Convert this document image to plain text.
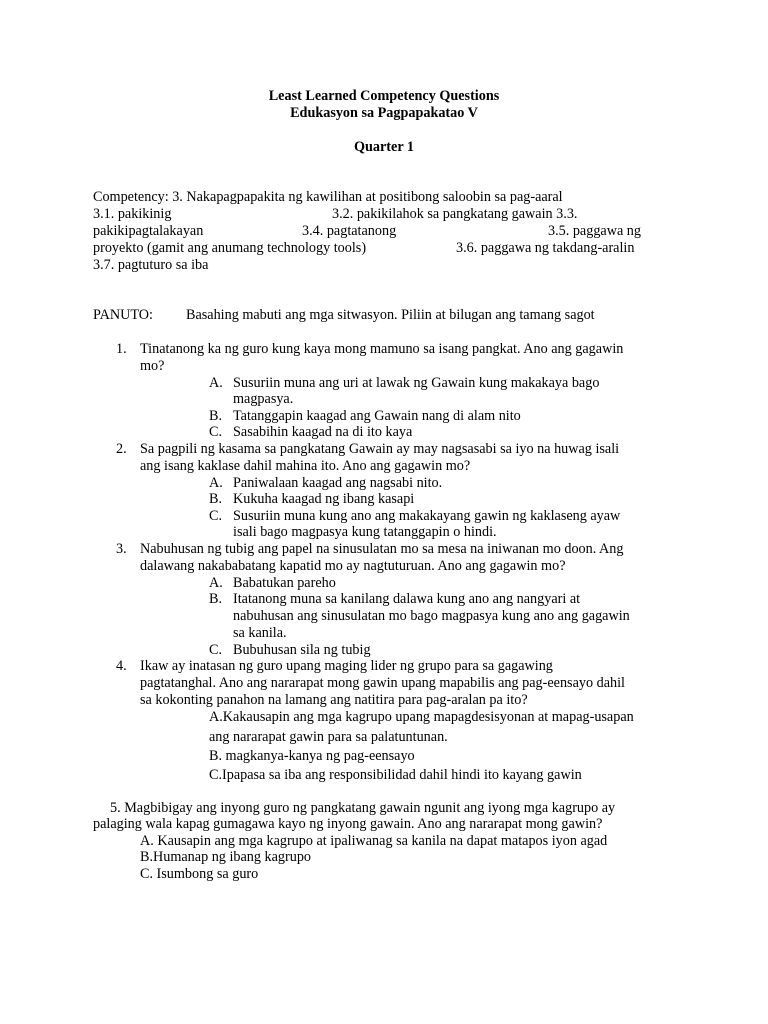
Least Learned Competency Questions
Edukasyon sa Pagpapakatao V
Quarter 1
Competency: 3. Nakapagpapakita ng kawilihan at positibong saloobin sa pag-aaral
3.1. pakikinig	3.2. pakikilahok sa pangkatang gawain 3.3.
pakikipagtalakayan	3.4. pagtatanong	3.5. paggawa ng
proyekto (gamit ang anumang technology tools)	3.6. paggawa ng takdang-aralin
3.7. pagtuturo sa iba
PANUTO: Basahing mabuti ang mga sitwasyon. Piliin at bilugan ang tamang sagot
1. Tinatanong ka ng guro kung kaya mong mamuno sa isang pangkat. Ano ang gagawin
mo?
A. Susuriin muna ang uri at lawak ng Gawain kung makakaya bago
magpasya.
B. Tatanggapin kaagad ang Gawain nang di alam nito
C. Sasabihin kaagad na di ito kaya
2. Sa pagpili ng kasama sa pangkatang Gawain ay may nagsasabi sa iyo na huwag isali
ang isang kaklase dahil mahina ito. Ano ang gagawin mo?
A. Paniwalaan kaagad ang nagsabi nito.
B. Kukuha kaagad ng ibang kasapi
C. Susuriin muna kung ano ang makakayang gawin ng kaklaseng ayaw
isali bago magpasya kung tatanggapin o hindi.
3. Nabuhusan ng tubig ang papel na sinusulatan mo sa mesa na iniwanan mo doon. Ang
dalawang nakababatang kapatid mo ay nagtuturuan. Ano ang gagawin mo?
A. Babatukan pareho
B. Itatanong muna sa kanilang dalawa kung ano ang nangyari at
nabuhusan ang sinusulatan mo bago magpasya kung ano ang gagawin
sa kanila.
C. Bubuhusan sila ng tubig
4. Ikaw ay inatasan ng guro upang maging lider ng grupo para sa gagawing
pagtatanghal. Ano ang nararapat mong gawin upang mapabilis ang pag-eensayo dahil
sa kokonting panahon na lamang ang natitira para pag-aralan pa ito?
A.Kakausapin ang mga kagrupo upang mapagdesisyonan at mapag-usapan
ang nararapat gawin para sa palatuntunan.
B. magkanya-kanya ng pag-eensayo
C.Ipapasa sa iba ang responsibilidad dahil hindi ito kayang gawin
5. Magbibigay ang inyong guro ng pangkatang gawain ngunit ang iyong mga kagrupo ay
palaging wala kapag gumagawa kayo ng inyong gawain. Ano ang nararapat mong gawin?
A. Kausapin ang mga kagrupo at ipaliwanag sa kanila na dapat matapos iyon agad
B.Humanap ng ibang kagrupo
C. Isumbong sa guro
